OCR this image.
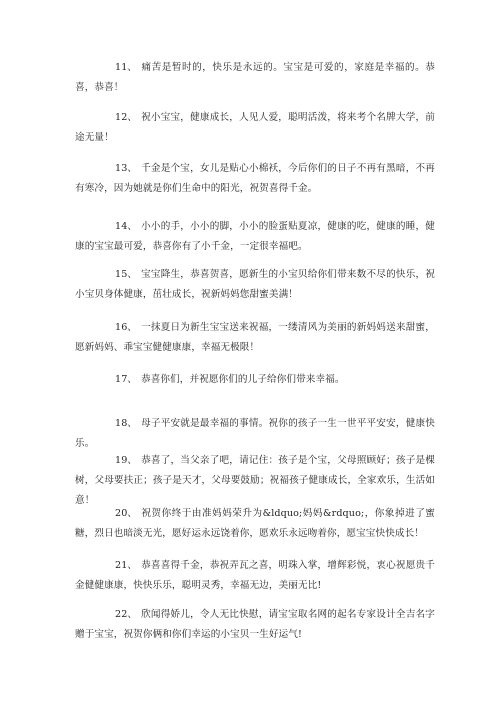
11、 痛苦是暂时的，快乐是永远的。宝宝是可爱的，家庭是幸福的。恭喜，恭喜！

12、 祝小宝宝，健康成长，人见人爱，聪明活泼，将来考个名牌大学，前途无量！

13、 千金是个宝，女儿是贴心小棉袄，今后你们的日子不再有黑暗，不再有寒冷，因为她就是你们生命中的阳光，祝贺喜得千金。

14、 小小的手，小小的脚，小小的脸蛋贴夏凉，健康的吃，健康的睡，健康的宝宝最可爱，恭喜你有了小千金，一定很幸福吧。

15、 宝宝降生，恭喜贺喜，愿新生的小宝贝给你们带来数不尽的快乐，祝小宝贝身体健康，茁壮成长，祝新妈妈您甜蜜美满！

16、 一抹夏日为新生宝宝送来祝福，一缕清风为美丽的新妈妈送来甜蜜，愿新妈妈、乖宝宝健健康康，幸福无极限！

17、 恭喜你们，并祝愿你们的儿子给你们带来幸福。

18、 母子平安就是最幸福的事情。祝你的孩子一生一世平平安安，健康快乐。

19、 恭喜了，当父亲了吧，请记住：孩子是个宝，父母照顾好；孩子是棵树，父母要扶正；孩子是天才，父母要鼓励；祝福孩子健康成长，全家欢乐，生活如意！

20、 祝贺你终于由准妈妈荣升为&ldquo;妈妈&rdquo;，你象掉进了蜜糖，烈日也暗淡无光，愿好运永远饶着你，愿欢乐永远吻着你，愿宝宝快快成长！

21、 恭喜喜得千金，恭祝弄瓦之喜，明珠入掌，增辉彩悦，衷心祝愿贵千金健健康康，快快乐乐，聪明灵秀，幸福无边，美丽无比!

22、 欣闻得娇儿，令人无比快慰，请宝宝取名网的起名专家设计全吉名字赠于宝宝，祝贺你俩和你们幸运的小宝贝一生好运气!
